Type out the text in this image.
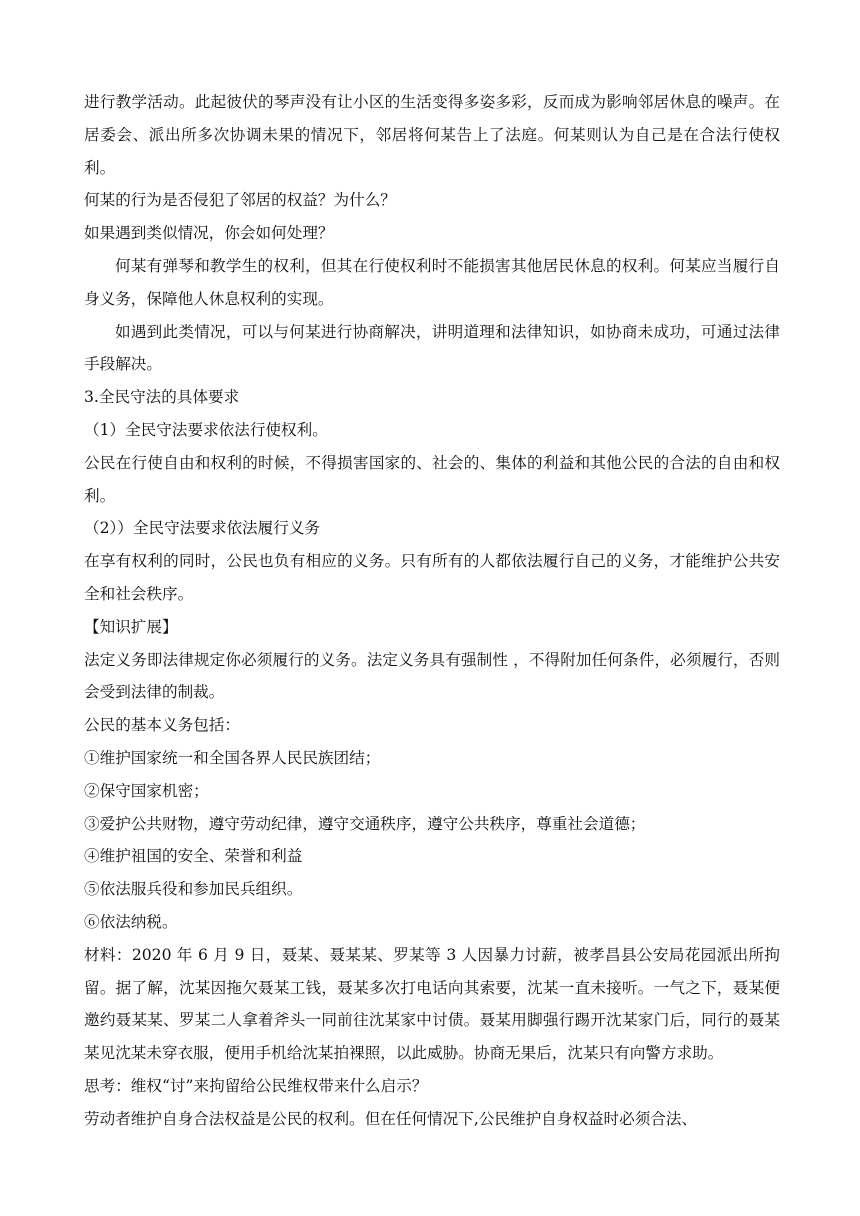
进行教学活动。此起彼伏的琴声没有让小区的生活变得多姿多彩，反而成为影响邻居休息的噪声。在居委会、派出所多次协调未果的情况下，邻居将何某告上了法庭。何某则认为自己是在合法行使权利。

何某的行为是否侵犯了邻居的权益？为什么？

如果遇到类似情况，你会如何处理？

何某有弹琴和教学生的权利，但其在行使权利时不能损害其他居民休息的权利。何某应当履行自身义务，保障他人休息权利的实现。

如遇到此类情况，可以与何某进行协商解决，讲明道理和法律知识，如协商未成功，可通过法律手段解决。

3.全民守法的具体要求

（1）全民守法要求依法行使权利。

公民在行使自由和权利的时候，不得损害国家的、社会的、集体的利益和其他公民的合法的自由和权利。

（2））全民守法要求依法履行义务

在享有权利的同时，公民也负有相应的义务。只有所有的人都依法履行自己的义务，才能维护公共安全和社会秩序。

【知识扩展】

法定义务即法律规定你必须履行的义务。法定义务具有强制性 ，不得附加任何条件，必须履行，否则会受到法律的制裁。

公民的基本义务包括：

①维护国家统一和全国各界人民民族团结；

②保守国家机密；

③爱护公共财物，遵守劳动纪律，遵守交通秩序，遵守公共秩序，尊重社会道德；

④维护祖国的安全、荣誉和利益

⑤依法服兵役和参加民兵组织。

⑥依法纳税。

材料：2020 年 6 月 9 日，聂某、聂某某、罗某等 3 人因暴力讨薪，被孝昌县公安局花园派出所拘留。据了解，沈某因拖欠聂某工钱，聂某多次打电话向其索要，沈某一直未接听。一气之下，聂某便邀约聂某某、罗某二人拿着斧头一同前往沈某家中讨债。聂某用脚强行踢开沈某家门后，同行的聂某某见沈某未穿衣服，便用手机给沈某拍裸照，以此威胁。协商无果后，沈某只有向警方求助。

思考：维权“讨”来拘留给公民维权带来什么启示？

劳动者维护自身合法权益是公民的权利。但在任何情况下,公民维护自身权益时必须合法、
